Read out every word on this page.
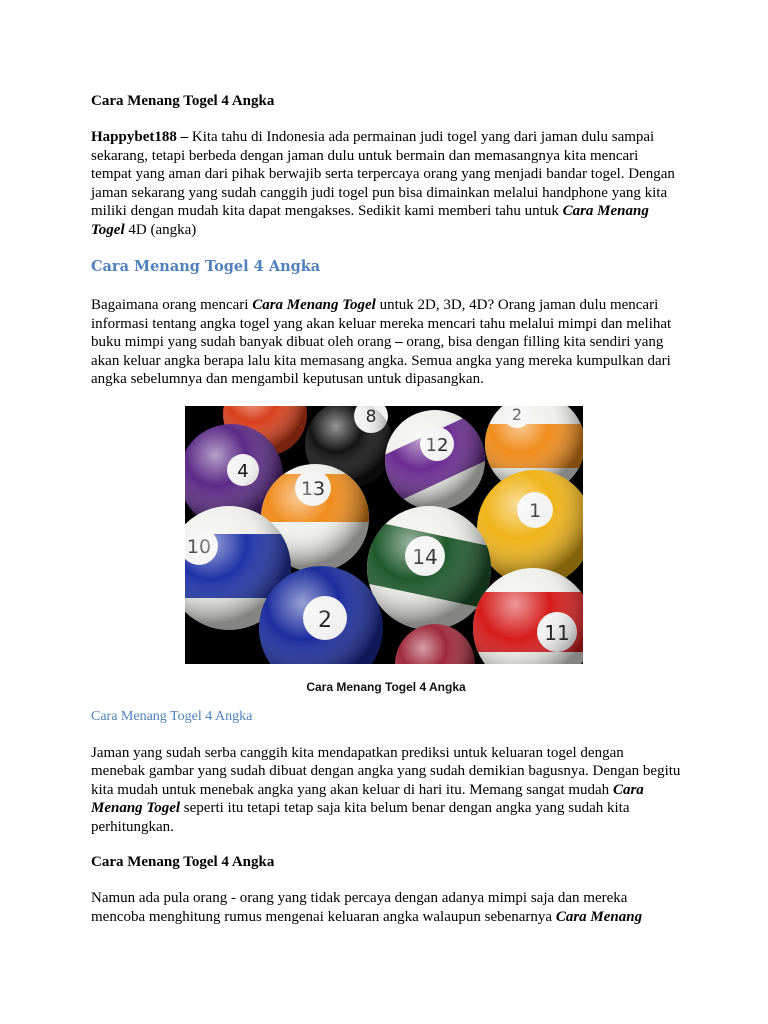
Cara Menang Togel 4 Angka

Happybet188 – Kita tahu di Indonesia ada permainan judi togel yang dari jaman dulu sampai sekarang, tetapi berbeda dengan jaman dulu untuk bermain dan memasangnya kita mencari tempat yang aman dari pihak berwajib serta terpercaya orang yang menjadi bandar togel. Dengan jaman sekarang yang sudah canggih judi togel pun bisa dimainkan melalui handphone yang kita miliki dengan mudah kita dapat mengakses. Sedikit kami memberi tahu untuk Cara Menang Togel 4D (angka)

Cara Menang Togel 4 Angka

Bagaimana orang mencari Cara Menang Togel untuk 2D, 3D, 4D? Orang jaman dulu mencari informasi tentang angka togel yang akan keluar mereka mencari tahu melalui mimpi dan melihat buku mimpi yang sudah banyak dibuat oleh orang – orang, bisa dengan filling kita sendiri yang akan keluar angka berapa lalu kita memasang angka. Semua angka yang mereka kumpulkan dari angka sebelumnya dan mengambil keputusan untuk dipasangkan.

Cara Menang Togel 4 Angka

Cara Menang Togel 4 Angka

Jaman yang sudah serba canggih kita mendapatkan prediksi untuk keluaran togel dengan menebak gambar yang sudah dibuat dengan angka yang sudah demikian bagusnya. Dengan begitu kita mudah untuk menebak angka yang akan keluar di hari itu. Memang sangat mudah Cara Menang Togel seperti itu tetapi tetap saja kita belum benar dengan angka yang sudah kita perhitungkan.

Cara Menang Togel 4 Angka

Namun ada pula orang - orang yang tidak percaya dengan adanya mimpi saja dan mereka mencoba menghitung rumus mengenai keluaran angka walaupun sebenarnya Cara Menang
